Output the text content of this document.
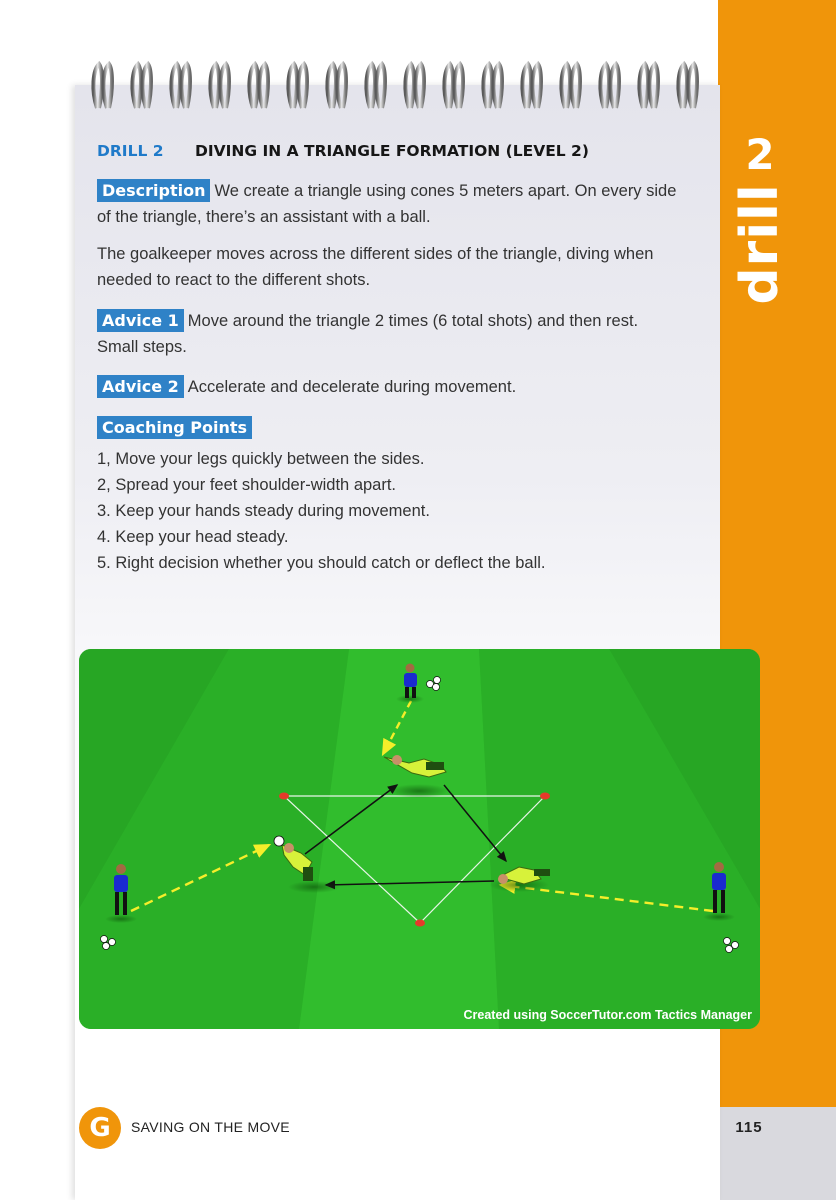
2
drill
DRILL 2 DIVING IN A TRIANGLE FORMATION (LEVEL 2)
Description We create a triangle using cones 5 meters apart. On every side
of the triangle, there’s an assistant with a ball.
The goalkeeper moves across the different sides of the triangle, diving when
needed to react to the different shots.
Advice 1 Move around the triangle 2 times (6 total shots) and then rest.
Small steps.
Advice 2 Accelerate and decelerate during movement.
Coaching Points
1, Move your legs quickly between the sides.
2, Spread your feet shoulder-width apart.
3. Keep your hands steady during movement.
4. Keep your head steady.
5. Right decision whether you should catch or deflect the ball.
Created using SoccerTutor.com Tactics Manager
G	SAVING ON THE MOVE	115
